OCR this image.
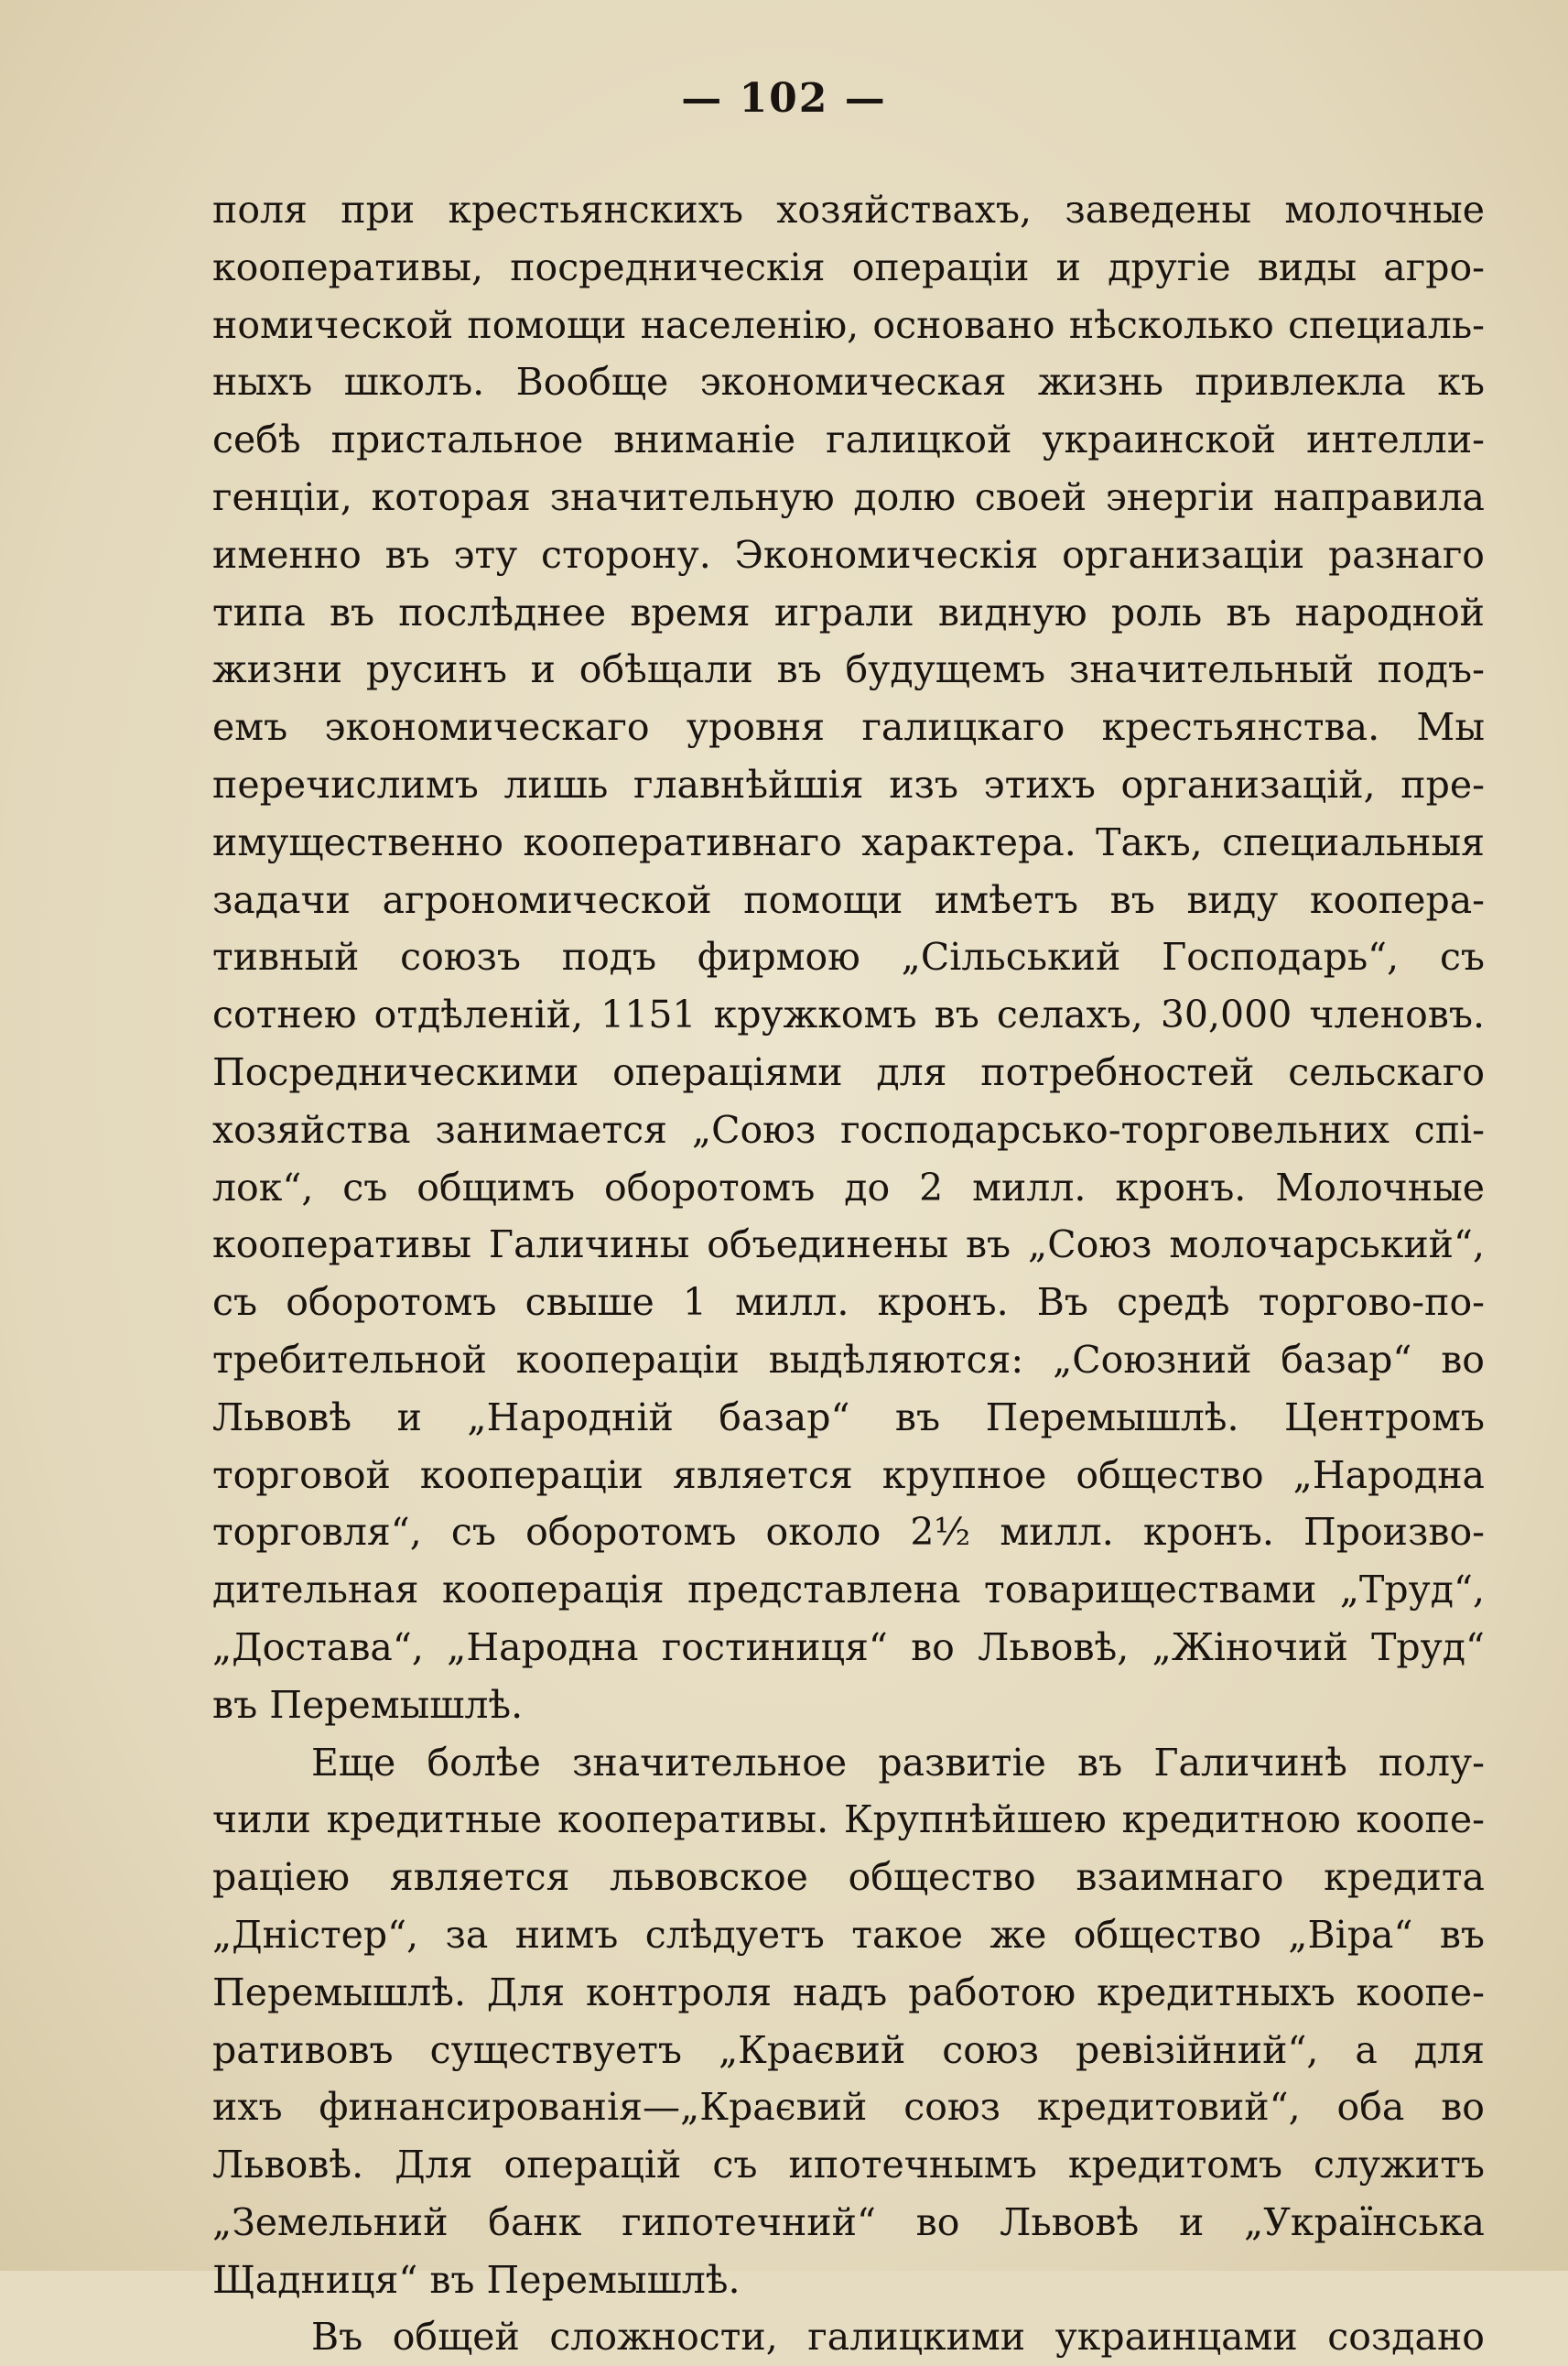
— 102 —
поля при крестьянскихъ хозяйствахъ, заведены молочные
кооперативы, посредническія операціи и другіе виды агро-
номической помощи населенію, основано нѣсколько специаль-
ныхъ школъ. Вообще экономическая жизнь привлекла къ
себѣ пристальное вниманіе галицкой украинской интелли-
генціи, которая значительную долю своей энергіи направила
именно въ эту сторону. Экономическія организаціи разнаго
типа въ послѣднее время играли видную роль въ народной
жизни русинъ и обѣщали въ будущемъ значительный подъ-
емъ экономическаго уровня галицкаго крестьянства. Мы
перечислимъ лишь главнѣйшія изъ этихъ организацій, пре-
имущественно кооперативнаго характера. Такъ, специальныя
задачи агрономической помощи имѣетъ въ виду коопера-
тивный союзъ подъ фирмою „Сільський Господарь“, съ
сотнею отдѣленій, 1151 кружкомъ въ селахъ, 30,000 членовъ.
Посредническими операціями для потребностей сельскаго
хозяйства занимается „Союз господарсько-торговельних спі-
лок“, съ общимъ оборотомъ до 2 милл. кронъ. Молочные
кооперативы Галичины объединены въ „Союз молочарський“,
съ оборотомъ свыше 1 милл. кронъ. Въ средѣ торгово-по-
требительной коопераціи выдѣляются: „Союзний базар“ во
Львовѣ и „Народній базар“ въ Перемышлѣ. Центромъ
торговой коопераціи является крупное общество „Народна
торговля“, съ оборотомъ около 2½ милл. кронъ. Произво-
дительная кооперація представлена товариществами „Труд“,
„Достава“, „Народна гостиниця“ во Львовѣ, „Жіночий Труд“
въ Перемышлѣ.
Еще болѣе значительное развитіе въ Галичинѣ полу-
чили кредитные кооперативы. Крупнѣйшею кредитною коопе-
раціею является львовское общество взаимнаго кредита
„Дністер“, за нимъ слѣдуетъ такое же общество „Віра“ въ
Перемышлѣ. Для контроля надъ работою кредитныхъ коопе-
ративовъ существуетъ „Краєвий союз ревізійний“, а для
ихъ финансированія—„Краєвий союз кредитовий“, оба во
Львовѣ. Для операцій съ ипотечнымъ кредитомъ служитъ
„Земельний банк гипотечний“ во Львовѣ и „Українська
Щадниця“ въ Перемышлѣ.
Въ общей сложности, галицкими украинцами создано
